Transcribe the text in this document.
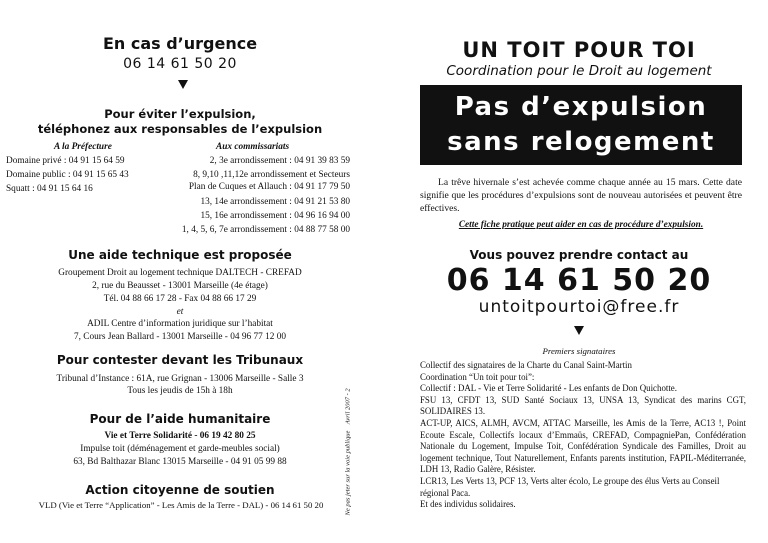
En cas d’urgence
06 14 61 50 20
Pour éviter l’expulsion,
téléphonez aux responsables de l’expulsion
A la Préfecture
Domaine privé : 04 91 15 64 59
Domaine public : 04 91 15 65 43
Squatt : 04 91 15 64 16
Aux commissariats
2, 3e arrondissement : 04 91 39 83 59
8, 9,10 ,11,12e arrondissement et Secteurs
Plan de Cuques et Allauch : 04 91 17 79 50
13, 14e arrondissement : 04 91 21 53 80
15, 16e arrondissement : 04 96 16 94 00
1, 4, 5, 6, 7e arrondissement : 04 88 77 58 00
Une aide technique est proposée
Groupement Droit au logement technique DALTECH - CREFAD
2, rue du Beausset - 13001 Marseille (4e étage)
Tél. 04 88 66 17 28 - Fax 04 88 66 17 29
et
ADIL Centre d’information juridique sur l’habitat
7, Cours Jean Ballard - 13001 Marseille - 04 96 77 12 00
Pour contester devant les Tribunaux
Tribunal d’Instance : 61A, rue Grignan - 13006 Marseille - Salle 3
Tous les jeudis de 15h à 18h
Pour de l’aide humanitaire
Vie et Terre Solidarité - 06 19 42 80 25
Impulse toit (déménagement et garde-meubles social)
63, Bd Balthazar Blanc 13015 Marseille - 04 91 05 99 88
Action citoyenne de soutien
VLD (Vie et Terre “Application” - Les Amis de la Terre - DAL) - 06 14 61 50 20	Ne pas jeter sur la voie publique    Avril 2007 - 2
UN TOIT POUR TOI
Coordination pour le Droit au logement
Pas d’expulsion
sans relogement
La trêve hivernale s’est achevée comme chaque année au 15 mars. Cette date signifie que les procédures d’expulsions sont de nouveau autorisées et peuvent être effectives.
Cette fiche pratique peut aider en cas de procédure d’expulsion.
Vous pouvez prendre contact au
06 14 61 50 20
untoitpourtoi@free.fr
Premiers signataires
Collectif des signataires de la Charte du Canal Saint-Martin
Coordination “Un toit pour toi”:
Collectif : DAL - Vie et Terre Solidarité - Les enfants de Don Quichotte.
FSU 13, CFDT 13, SUD Santé Sociaux 13, UNSA 13, Syndicat des marins CGT, SOLIDAIRES 13.
ACT-UP, AICS, ALMH, AVCM, ATTAC Marseille, les Amis de la Terre, AC13 !, Point Ecoute Escale, Collectifs locaux d’Emmaüs, CREFAD, CompagniePan, Confédération Nationale du Logement, Impulse Toit, Confédération Syndicale des Familles, Droit au logement technique, Tout Naturellement, Enfants parents institution, FAPIL-Méditerranée, LDH 13, Radio Galère, Résister.
LCR13, Les Verts 13, PCF 13, Verts alter écolo, Le groupe des élus Verts au Conseil régional Paca.
Et des individus solidaires.
